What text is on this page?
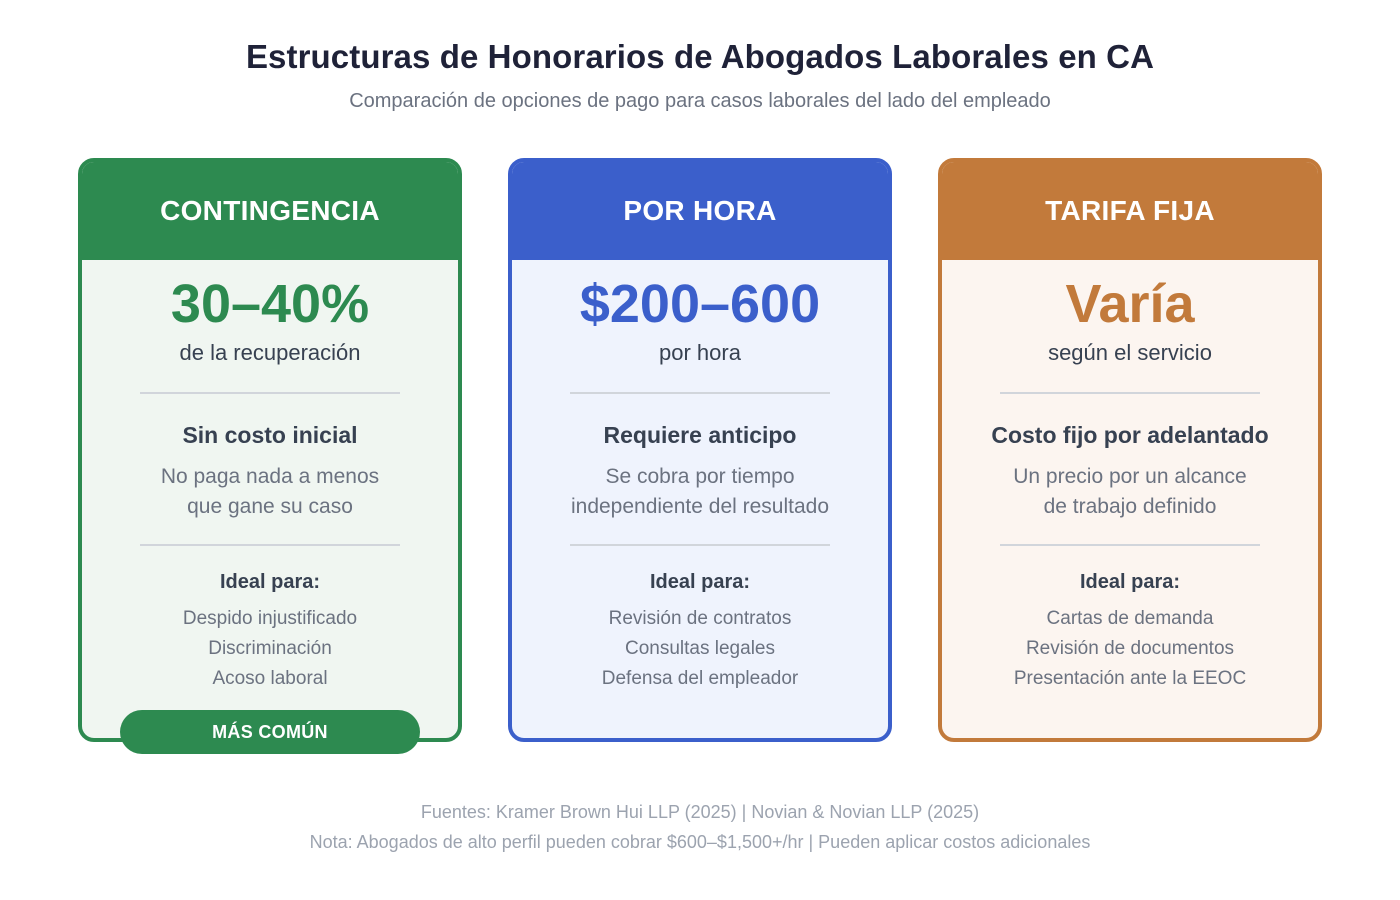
Estructuras de Honorarios de Abogados Laborales en CA
Comparación de opciones de pago para casos laborales del lado del empleado
CONTINGENCIA
30–40%
de la recuperación
Sin costo inicial
No paga nada a menos
que gane su caso
Ideal para:
Despido injustificado
Discriminación
Acoso laboral
POR HORA
$200–600
por hora
Requiere anticipo
Se cobra por tiempo
independiente del resultado
Ideal para:
Revisión de contratos
Consultas legales
Defensa del empleador
TARIFA FIJA
Varía
según el servicio
Costo fijo por adelantado
Un precio por un alcance
de trabajo definido
Ideal para:
Cartas de demanda
Revisión de documentos
Presentación ante la EEOC
MÁS COMÚN
Fuentes: Kramer Brown Hui LLP (2025) | Novian & Novian LLP (2025)
Nota: Abogados de alto perfil pueden cobrar $600–$1,500+/hr | Pueden aplicar costos adicionales
